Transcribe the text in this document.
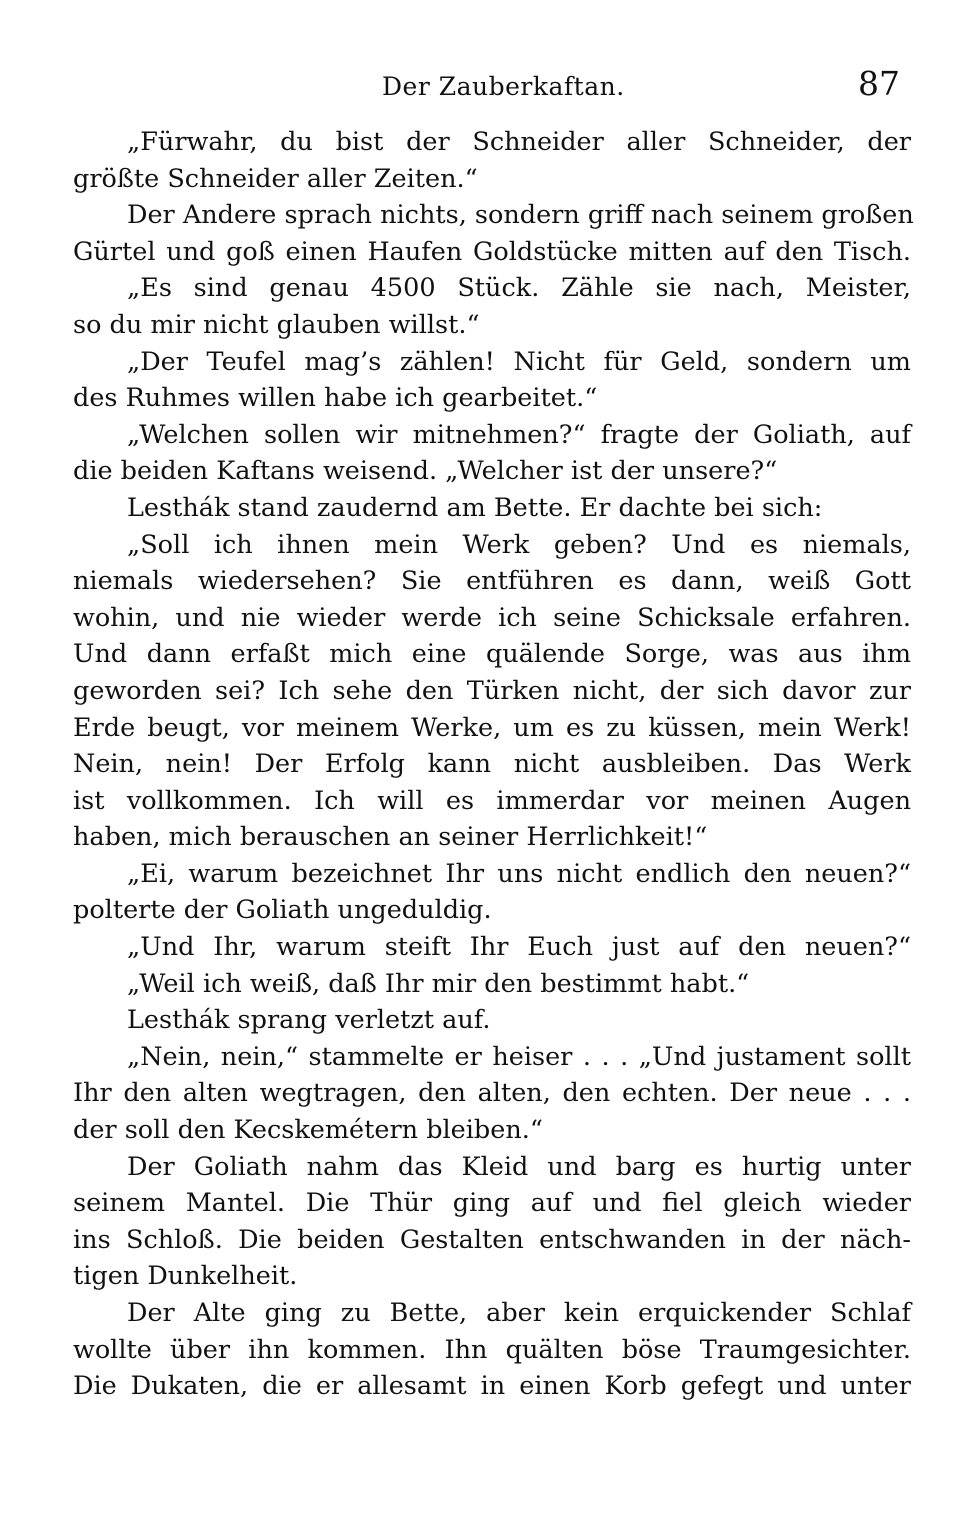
Der Zauberkaftan.	87
„Fürwahr, du bist der Schneider aller Schneider, der
größte Schneider aller Zeiten.“
Der Andere sprach nichts, sondern griff nach seinem großen
Gürtel und goß einen Haufen Goldstücke mitten auf den Tisch.
„Es sind genau 4500 Stück. Zähle sie nach, Meister,
so du mir nicht glauben willst.“
„Der Teufel mag’s zählen! Nicht für Geld, sondern um
des Ruhmes willen habe ich gearbeitet.“
„Welchen sollen wir mitnehmen?“ fragte der Goliath, auf
die beiden Kaftans weisend. „Welcher ist der unsere?“
Lesthák stand zaudernd am Bette. Er dachte bei sich:
„Soll ich ihnen mein Werk geben? Und es niemals,
niemals wiedersehen? Sie entführen es dann, weiß Gott
wohin, und nie wieder werde ich seine Schicksale erfahren.
Und dann erfaßt mich eine quälende Sorge, was aus ihm
geworden sei? Ich sehe den Türken nicht, der sich davor zur
Erde beugt, vor meinem Werke, um es zu küssen, mein Werk!
Nein, nein! Der Erfolg kann nicht ausbleiben. Das Werk
ist vollkommen. Ich will es immerdar vor meinen Augen
haben, mich berauschen an seiner Herrlichkeit!“
„Ei, warum bezeichnet Ihr uns nicht endlich den neuen?“
polterte der Goliath ungeduldig.
„Und Ihr, warum steift Ihr Euch just auf den neuen?“
„Weil ich weiß, daß Ihr mir den bestimmt habt.“
Lesthák sprang verletzt auf.
„Nein, nein,“ stammelte er heiser . . . „Und justament sollt
Ihr den alten wegtragen, den alten, den echten. Der neue . . .
der soll den Kecskemétern bleiben.“
Der Goliath nahm das Kleid und barg es hurtig unter
seinem Mantel. Die Thür ging auf und fiel gleich wieder
ins Schloß. Die beiden Gestalten entschwanden in der näch-
tigen Dunkelheit.
Der Alte ging zu Bette, aber kein erquickender Schlaf
wollte über ihn kommen. Ihn quälten böse Traumgesichter.
Die Dukaten, die er allesamt in einen Korb gefegt und unter
